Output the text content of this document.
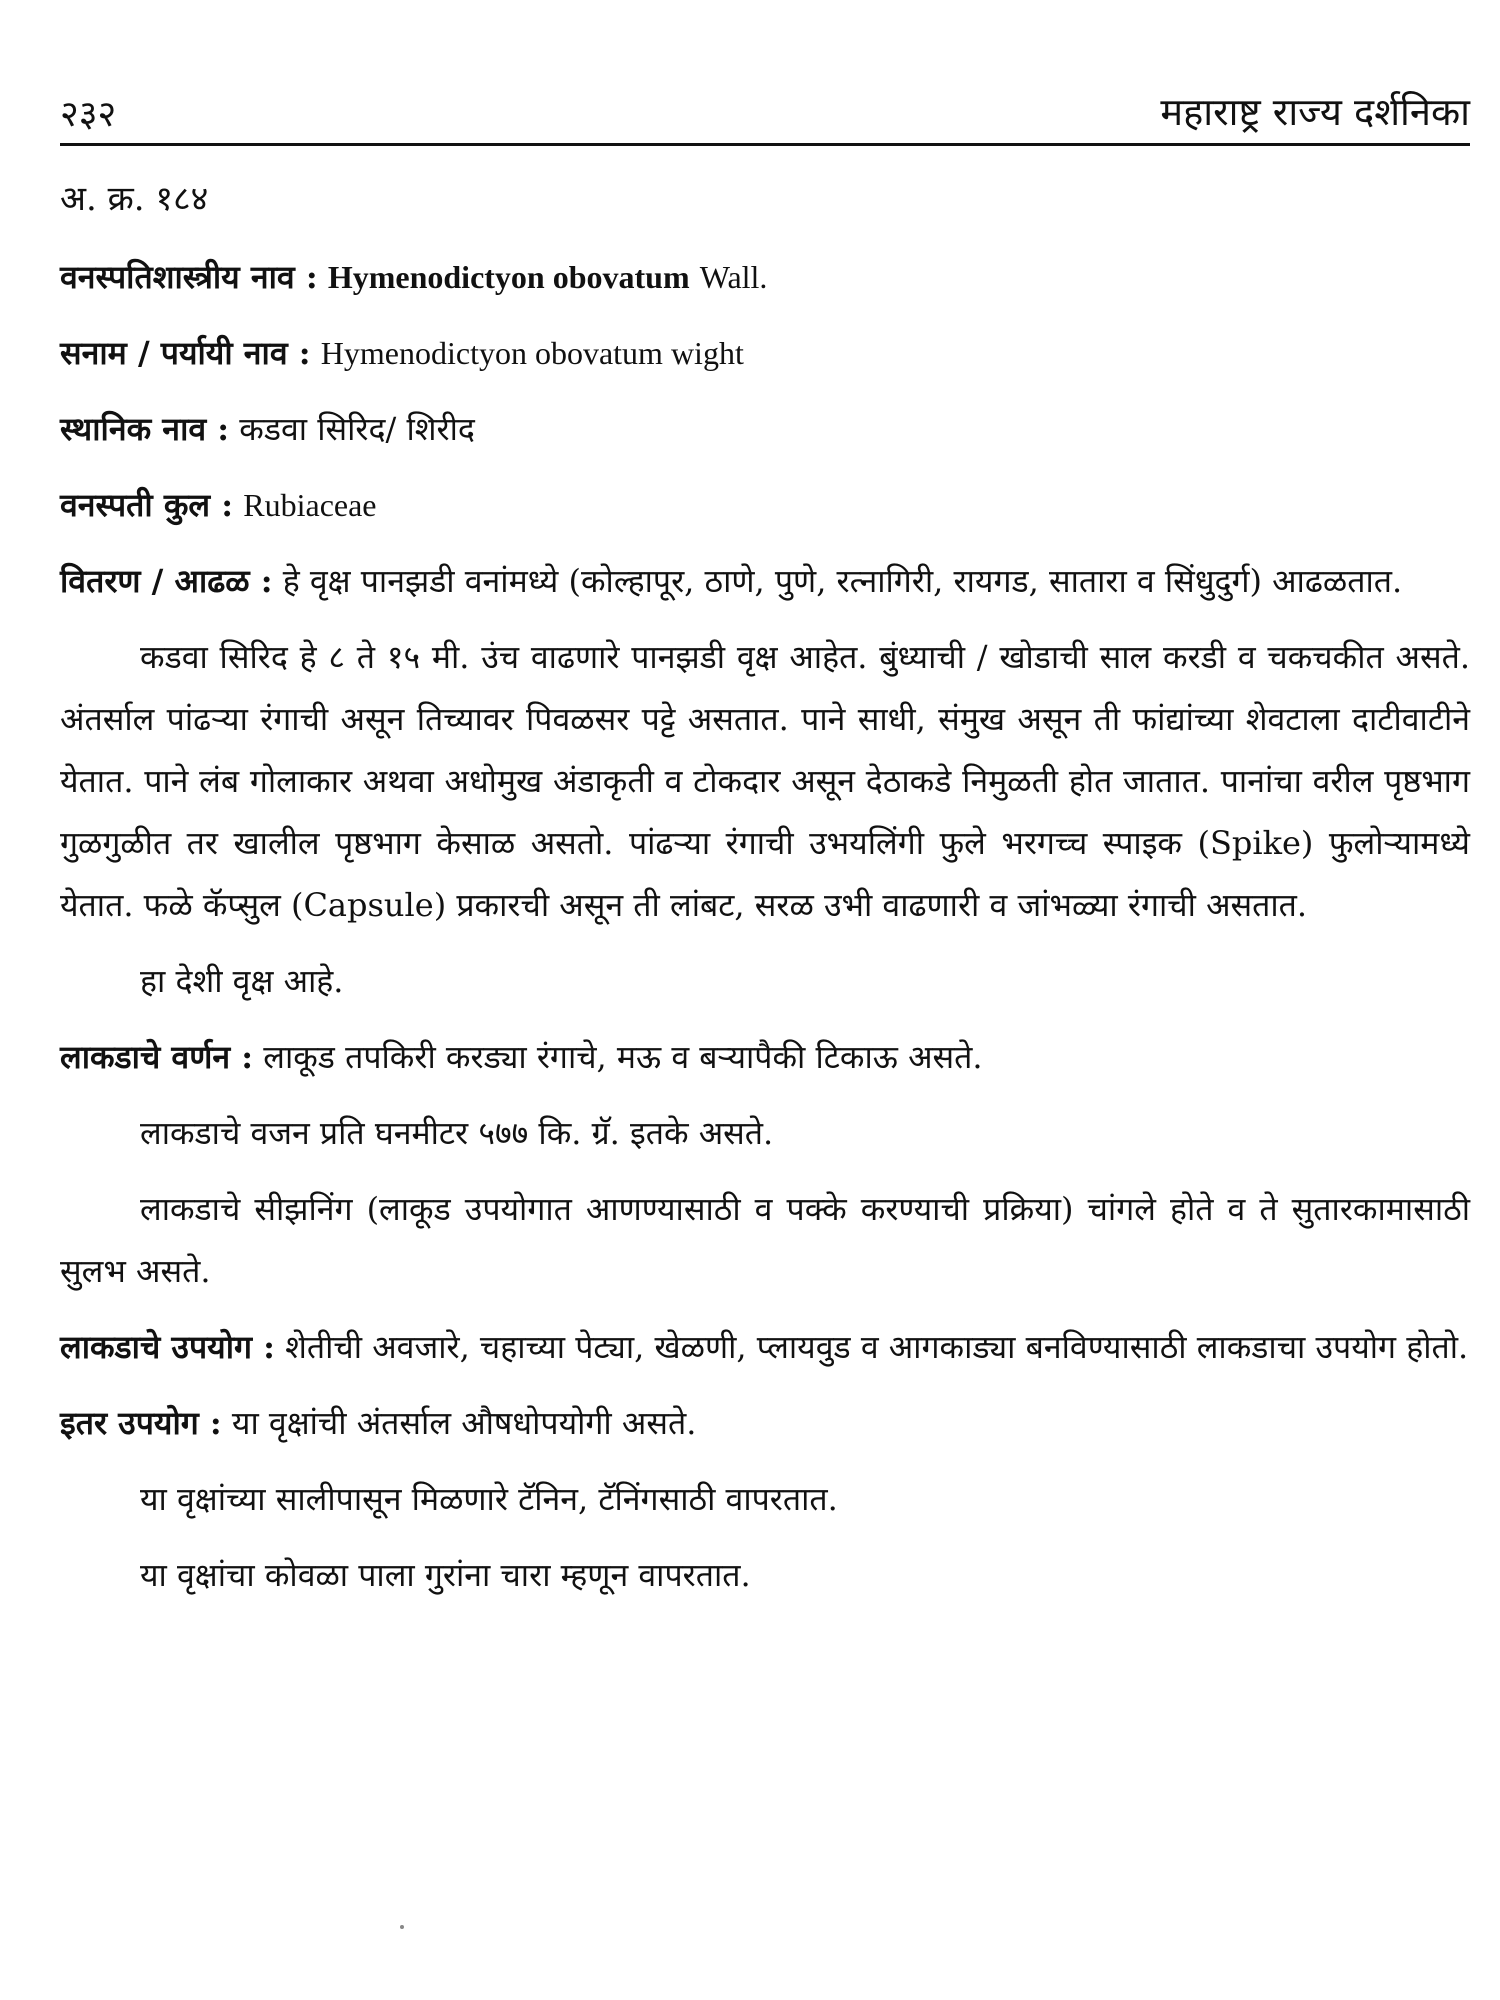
२३२	महाराष्ट्र राज्य दर्शनिका

अ. क्र. १८४

वनस्पतिशास्त्रीय नाव : Hymenodictyon obovatum Wall.

सनाम / पर्यायी नाव : Hymenodictyon obovatum wight

स्थानिक नाव : कडवा सिरिद/ शिरीद

वनस्पती कुल : Rubiaceae

वितरण / आढळ : हे वृक्ष पानझडी वनांमध्ये (कोल्हापूर, ठाणे, पुणे, रत्नागिरी, रायगड, सातारा व सिंधुदुर्ग) आढळतात.

कडवा सिरिद हे ८ ते १५ मी. उंच वाढणारे पानझडी वृक्ष आहेत. बुंध्याची / खोडाची साल करडी व चकचकीत असते. अंतर्साल पांढऱ्या रंगाची असून तिच्यावर पिवळसर पट्टे असतात. पाने साधी, संमुख असून ती फांद्यांच्या शेवटाला दाटीवाटीने येतात. पाने लंब गोलाकार अथवा अधोमुख अंडाकृती व टोकदार असून देठाकडे निमुळती होत जातात. पानांचा वरील पृष्ठभाग गुळगुळीत तर खालील पृष्ठभाग केसाळ असतो. पांढऱ्या रंगाची उभयलिंगी फुले भरगच्च स्पाइक (Spike) फुलोऱ्यामध्ये येतात. फळे कॅप्सुल (Capsule) प्रकारची असून ती लांबट, सरळ उभी वाढणारी व जांभळ्या रंगाची असतात.

हा देशी वृक्ष आहे.

लाकडाचे वर्णन : लाकूड तपकिरी करड्या रंगाचे, मऊ व बऱ्यापैकी टिकाऊ असते.

लाकडाचे वजन प्रति घनमीटर ५७७ कि. ग्रॅ. इतके असते.

लाकडाचे सीझनिंग (लाकूड उपयोगात आणण्यासाठी व पक्के करण्याची प्रक्रिया) चांगले होते व ते सुतारकामासाठी सुलभ असते.

लाकडाचे उपयोग : शेतीची अवजारे, चहाच्या पेट्या, खेळणी, प्लायवुड व आगकाड्या बनविण्यासाठी लाकडाचा उपयोग होतो.

इतर उपयोग : या वृक्षांची अंतर्साल औषधोपयोगी असते.

या वृक्षांच्या सालीपासून मिळणारे टॅनिन, टॅनिंगसाठी वापरतात.

या वृक्षांचा कोवळा पाला गुरांना चारा म्हणून वापरतात.
